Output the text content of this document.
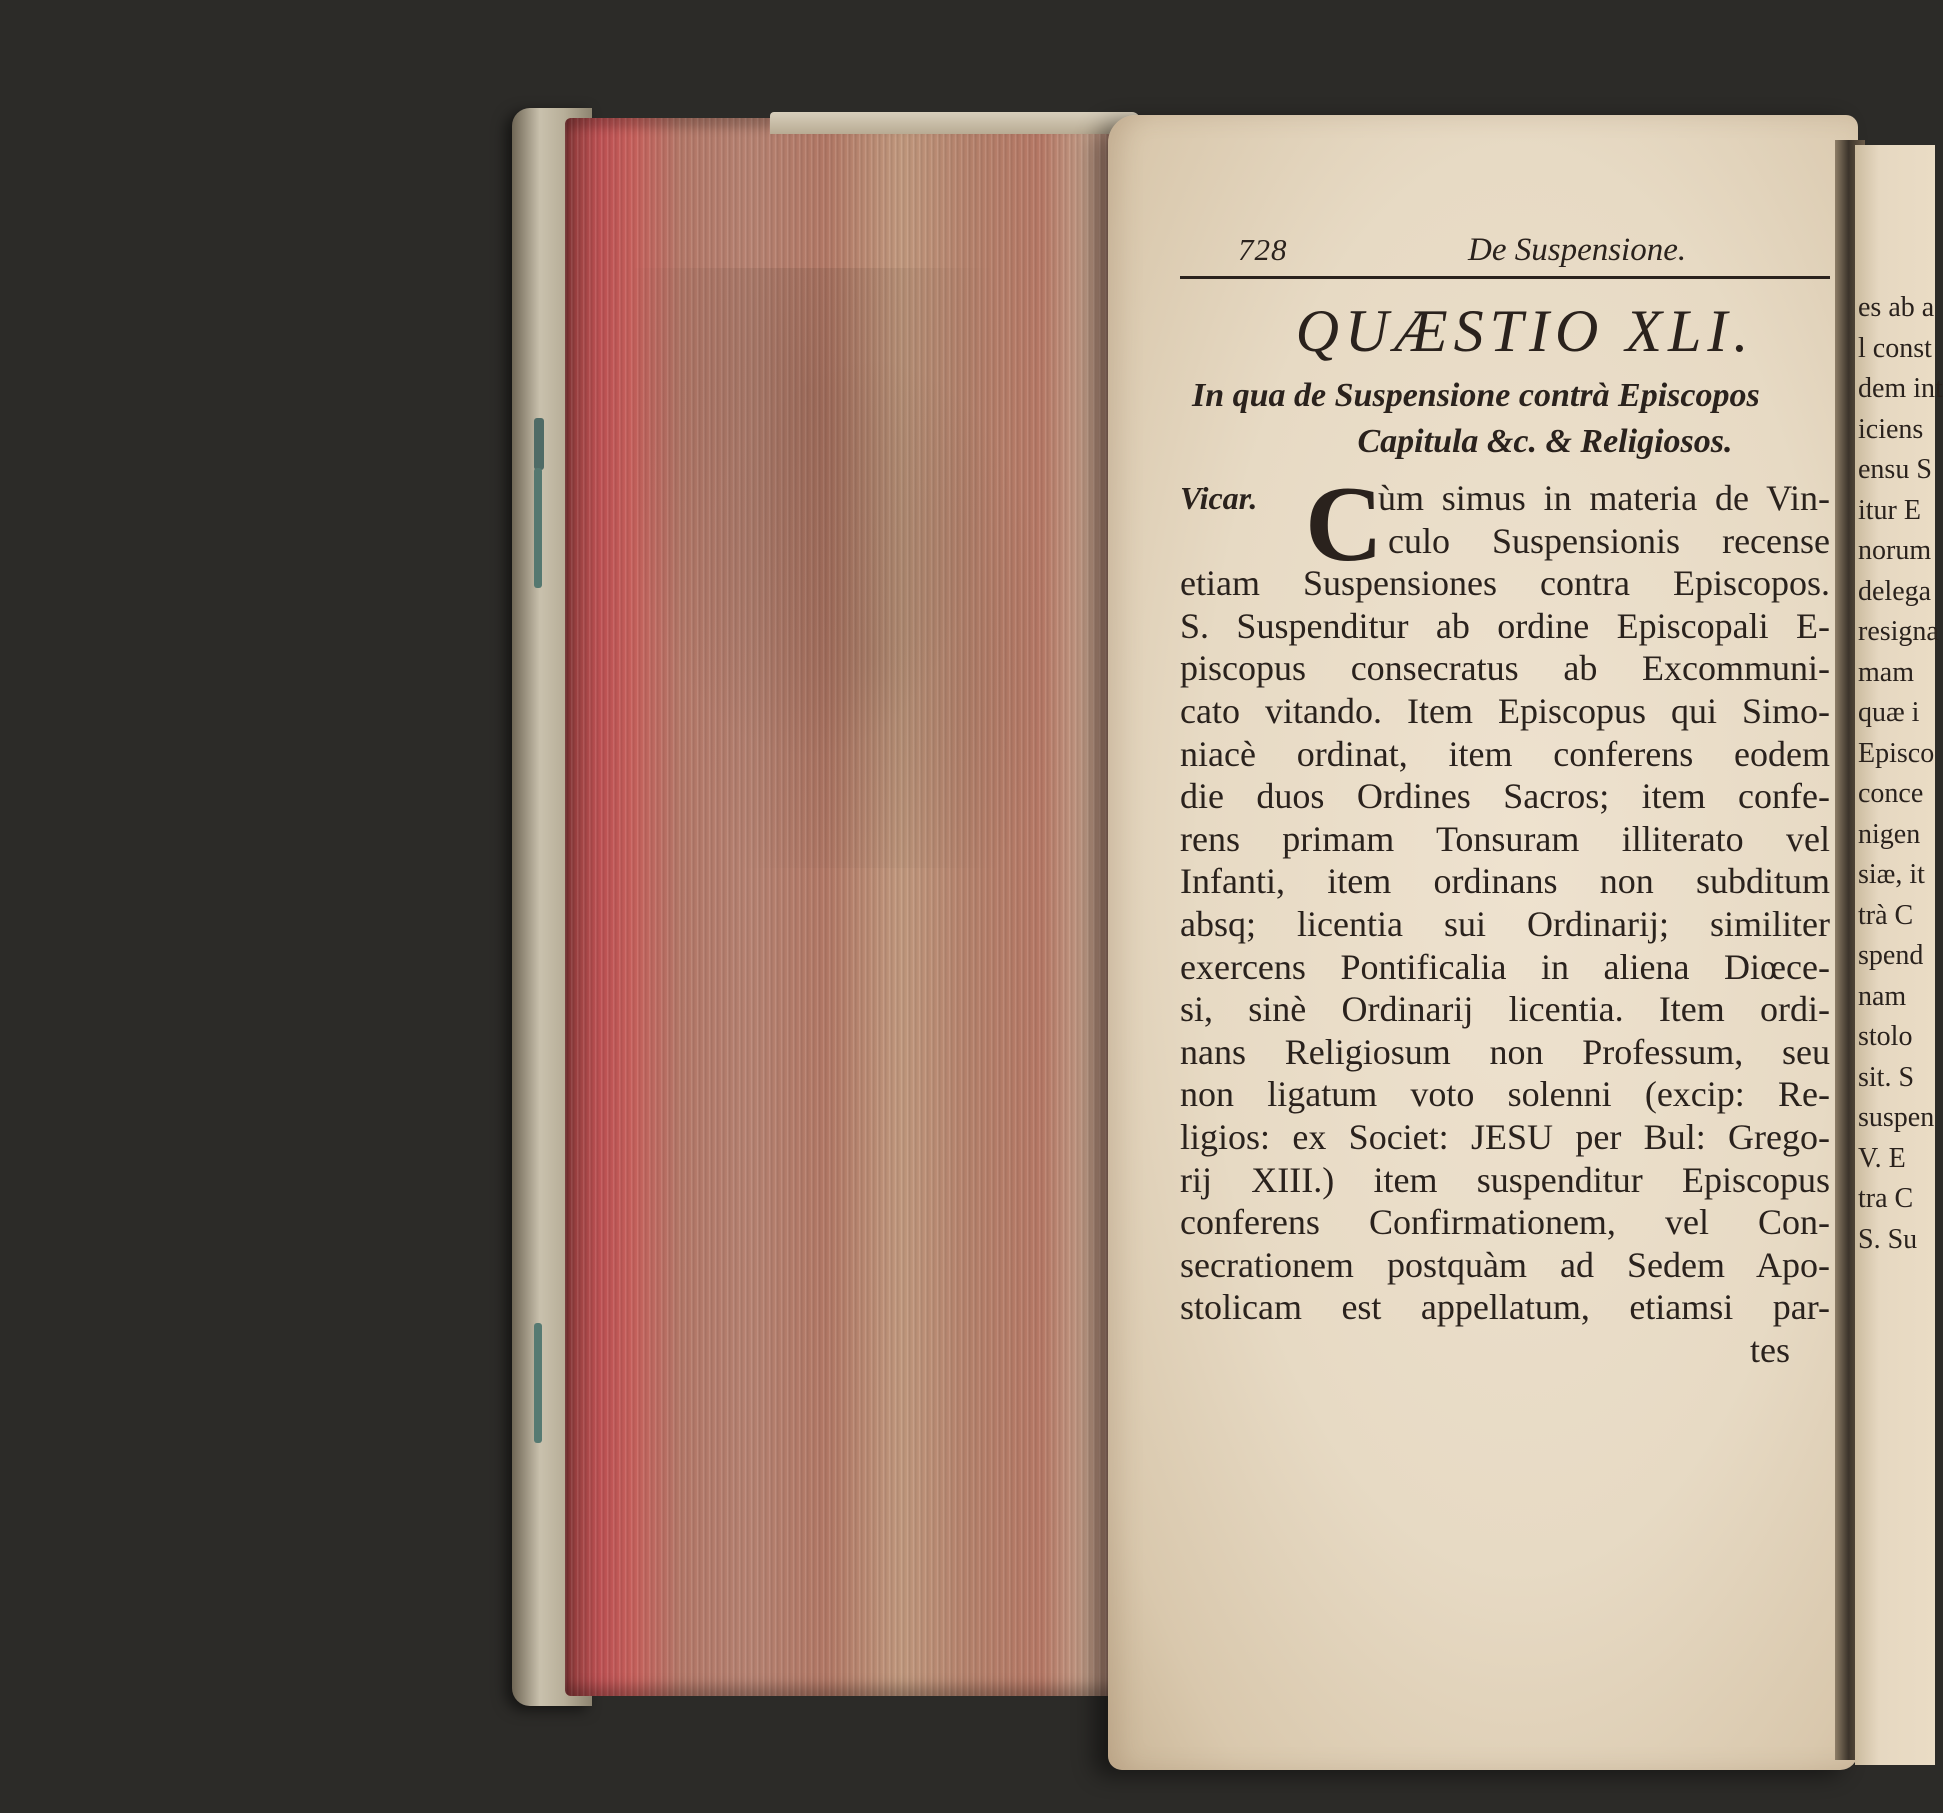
728	De Suspensione.
QUÆSTIO XLI.
In qua de Suspensione contrà Episcopos
Capitula &c. & Religiosos.
Vicar. C
ùm simus in materia de Vin-
culo Suspensionis recense
etiam Suspensiones contra Episcopos.
S. Suspenditur ab ordine Episcopali E-
piscopus consecratus ab Excommuni-
cato vitando. Item Episcopus qui Simo-
niacè ordinat, item conferens eodem
die duos Ordines Sacros; item confe-
rens primam Tonsuram illiterato vel
Infanti, item ordinans non subditum
absq; licentia sui Ordinarij; similiter
exercens Pontificalia in aliena Diœce-
si, sinè Ordinarij licentia. Item ordi-
nans Religiosum non Professum, seu
non ligatum voto solenni (excip: Re-
ligios: ex Societ: JESU per Bul: Grego-
rij XIII.) item suspenditur Episcopus
conferens Confirmationem, vel Con-
secrationem postquàm ad Sedem Apo-
stolicam est appellatum, etiamsi par-
tes
es ab a
l const
dem int
iciens
ensu S
itur E
norum
delega
resigna
mam
quæ i
Episco
conce
nigen
siæ, it
trà C
spend
nam
stolo
sit. S
suspen
V. E
tra C
S. Su
